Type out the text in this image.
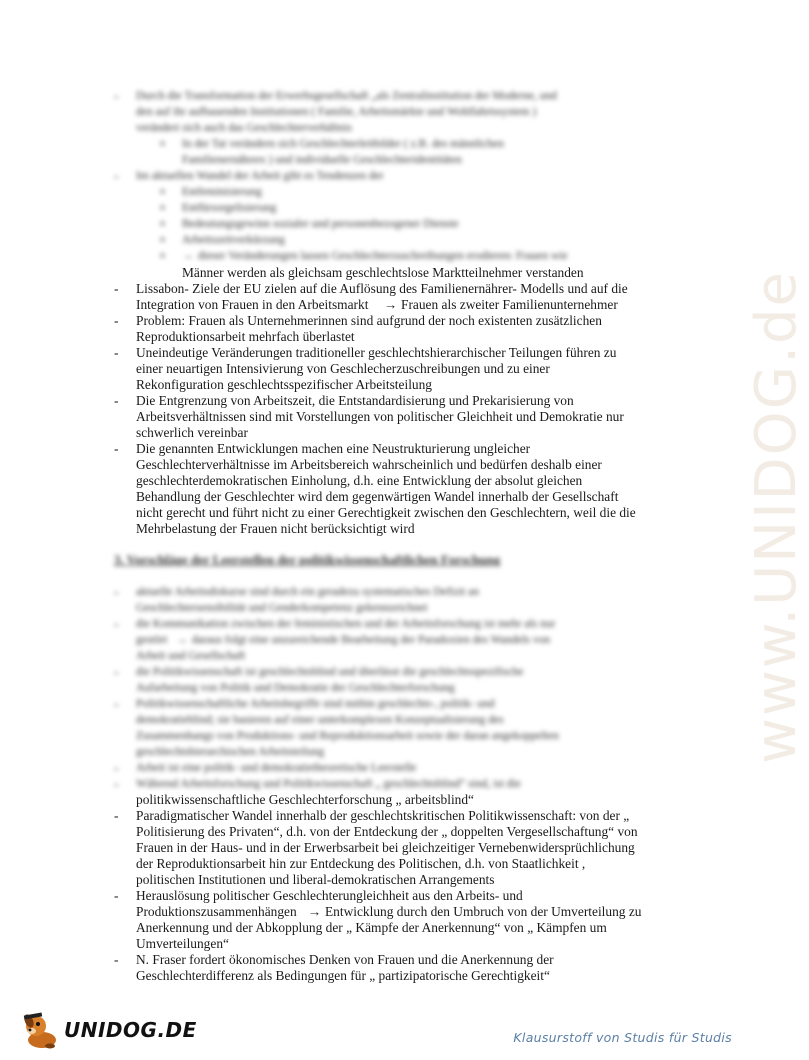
www.UNIDOG.de
- Durch die Transformation der Erwerbsgesellschaft „als Zentralinstitution der Moderne, und
den auf ihr aufbauenden Institutionen ( Familie, Arbeitsmärkte und Wohlfahrtssystem )
verändert sich auch das Geschlechterverhältnis
o In der Tat verändern sich Geschlechterleitbilder ( z.B. des männlichen
Familienernährers ) und individuelle Geschlechteridentitäten
- Im aktuellen Wandel der Arbeit gibt es Tendenzen der
o Entfeminisierung
o Entfürsorgelisierung
o Bedeutungsgewinn sozialer und personenbezogener Dienste
o Arbeitszeitverkürzung
o → dieser Veränderungen lassen Geschlechterzuschreibungen erodieren: Frauen wie
Männer werden als gleichsam geschlechtslose Marktteilnehmer verstanden
- Lissabon- Ziele der EU zielen auf die Auflösung des Familienernährer- Modells und auf die
Integration von Frauen in den Arbeitsmarkt → Frauen als zweiter Familienunternehmer
- Problem: Frauen als Unternehmerinnen sind aufgrund der noch existenten zusätzlichen
Reproduktionsarbeit mehrfach überlastet
- Uneindeutige Veränderungen traditioneller geschlechtshierarchischer Teilungen führen zu
einer neuartigen Intensivierung von Geschlecherzuschreibungen und zu einer
Rekonfiguration geschlechtsspezifischer Arbeitsteilung
- Die Entgrenzung von Arbeitszeit, die Entstandardisierung und Prekarisierung von
Arbeitsverhältnissen sind mit Vorstellungen von politischer Gleichheit und Demokratie nur
schwerlich vereinbar
- Die genannten Entwicklungen machen eine Neustrukturierung ungleicher
Geschlechterverhältnisse im Arbeitsbereich wahrscheinlich und bedürfen deshalb einer
geschlechterdemokratischen Einholung, d.h. eine Entwicklung der absolut gleichen
Behandlung der Geschlechter wird dem gegenwärtigen Wandel innerhalb der Gesellschaft
nicht gerecht und führt nicht zu einer Gerechtigkeit zwischen den Geschlechtern, weil die die
Mehrbelastung der Frauen nicht berücksichtigt wird
3. Vorschläge der Leerstellen der politikwissenschaftlichen Forschung
- aktuelle Arbeitsdiskurse sind durch ein geradezu systematisches Defizit an
Geschlechtersensibilität und Genderkompetenz gekennzeichnet
- die Kommunikation zwischen der feministischen und der Arbeitsforschung ist mehr als nur
gestört → daraus folgt eine unzureichende Bearbeitung der Paradoxien des Wandels von
Arbeit und Gesellschaft
- die Politikwissenschaft ist geschlechtsblind und überlässt die geschlechtsspezifische
Aufarbeitung von Politik und Demokratie der Geschlechterforschung
- Politikwissenschaftliche Arbeitsbegriffe sind mithin geschlechts-, politik- und
demokratieblind; sie basieren auf einer unterkomplexen Konzeptualisierung des
Zusammenhangs von Produktions- und Reproduktionsarbeit sowie der daran angekoppelten
geschlechtshierarchischen Arbeitsteilung
- Arbeit ist eine politik- und demokratietheoretische Leerstelle
- Während Arbeitsforschung und Politikwissenschaft „ geschlechtsblind“ sind, ist die
politikwissenschaftliche Geschlechterforschung „ arbeitsblind“
- Paradigmatischer Wandel innerhalb der geschlechtskritischen Politikwissenschaft: von der „
Politisierung des Privaten“, d.h. von der Entdeckung der „ doppelten Vergesellschaftung“ von
Frauen in der Haus- und in der Erwerbsarbeit bei gleichzeitiger Vernebenwidersprüchlichung
der Reproduktionsarbeit hin zur Entdeckung des Politischen, d.h. von Staatlichkeit ,
politischen Institutionen und liberal-demokratischen Arrangements
- Herauslösung politischer Geschlechterungleichheit aus den Arbeits- und
Produktionszusammenhängen → Entwicklung durch den Umbruch von der Umverteilung zu
Anerkennung und der Abkopplung der „ Kämpfe der Anerkennung“ von „ Kämpfen um
Umverteilungen“
- N. Fraser fordert ökonomisches Denken von Frauen und die Anerkennung der
Geschlechterdifferenz als Bedingungen für „ partizipatorische Gerechtigkeit“
UNIDOG.DE	Klausurstoff von Studis für Studis
